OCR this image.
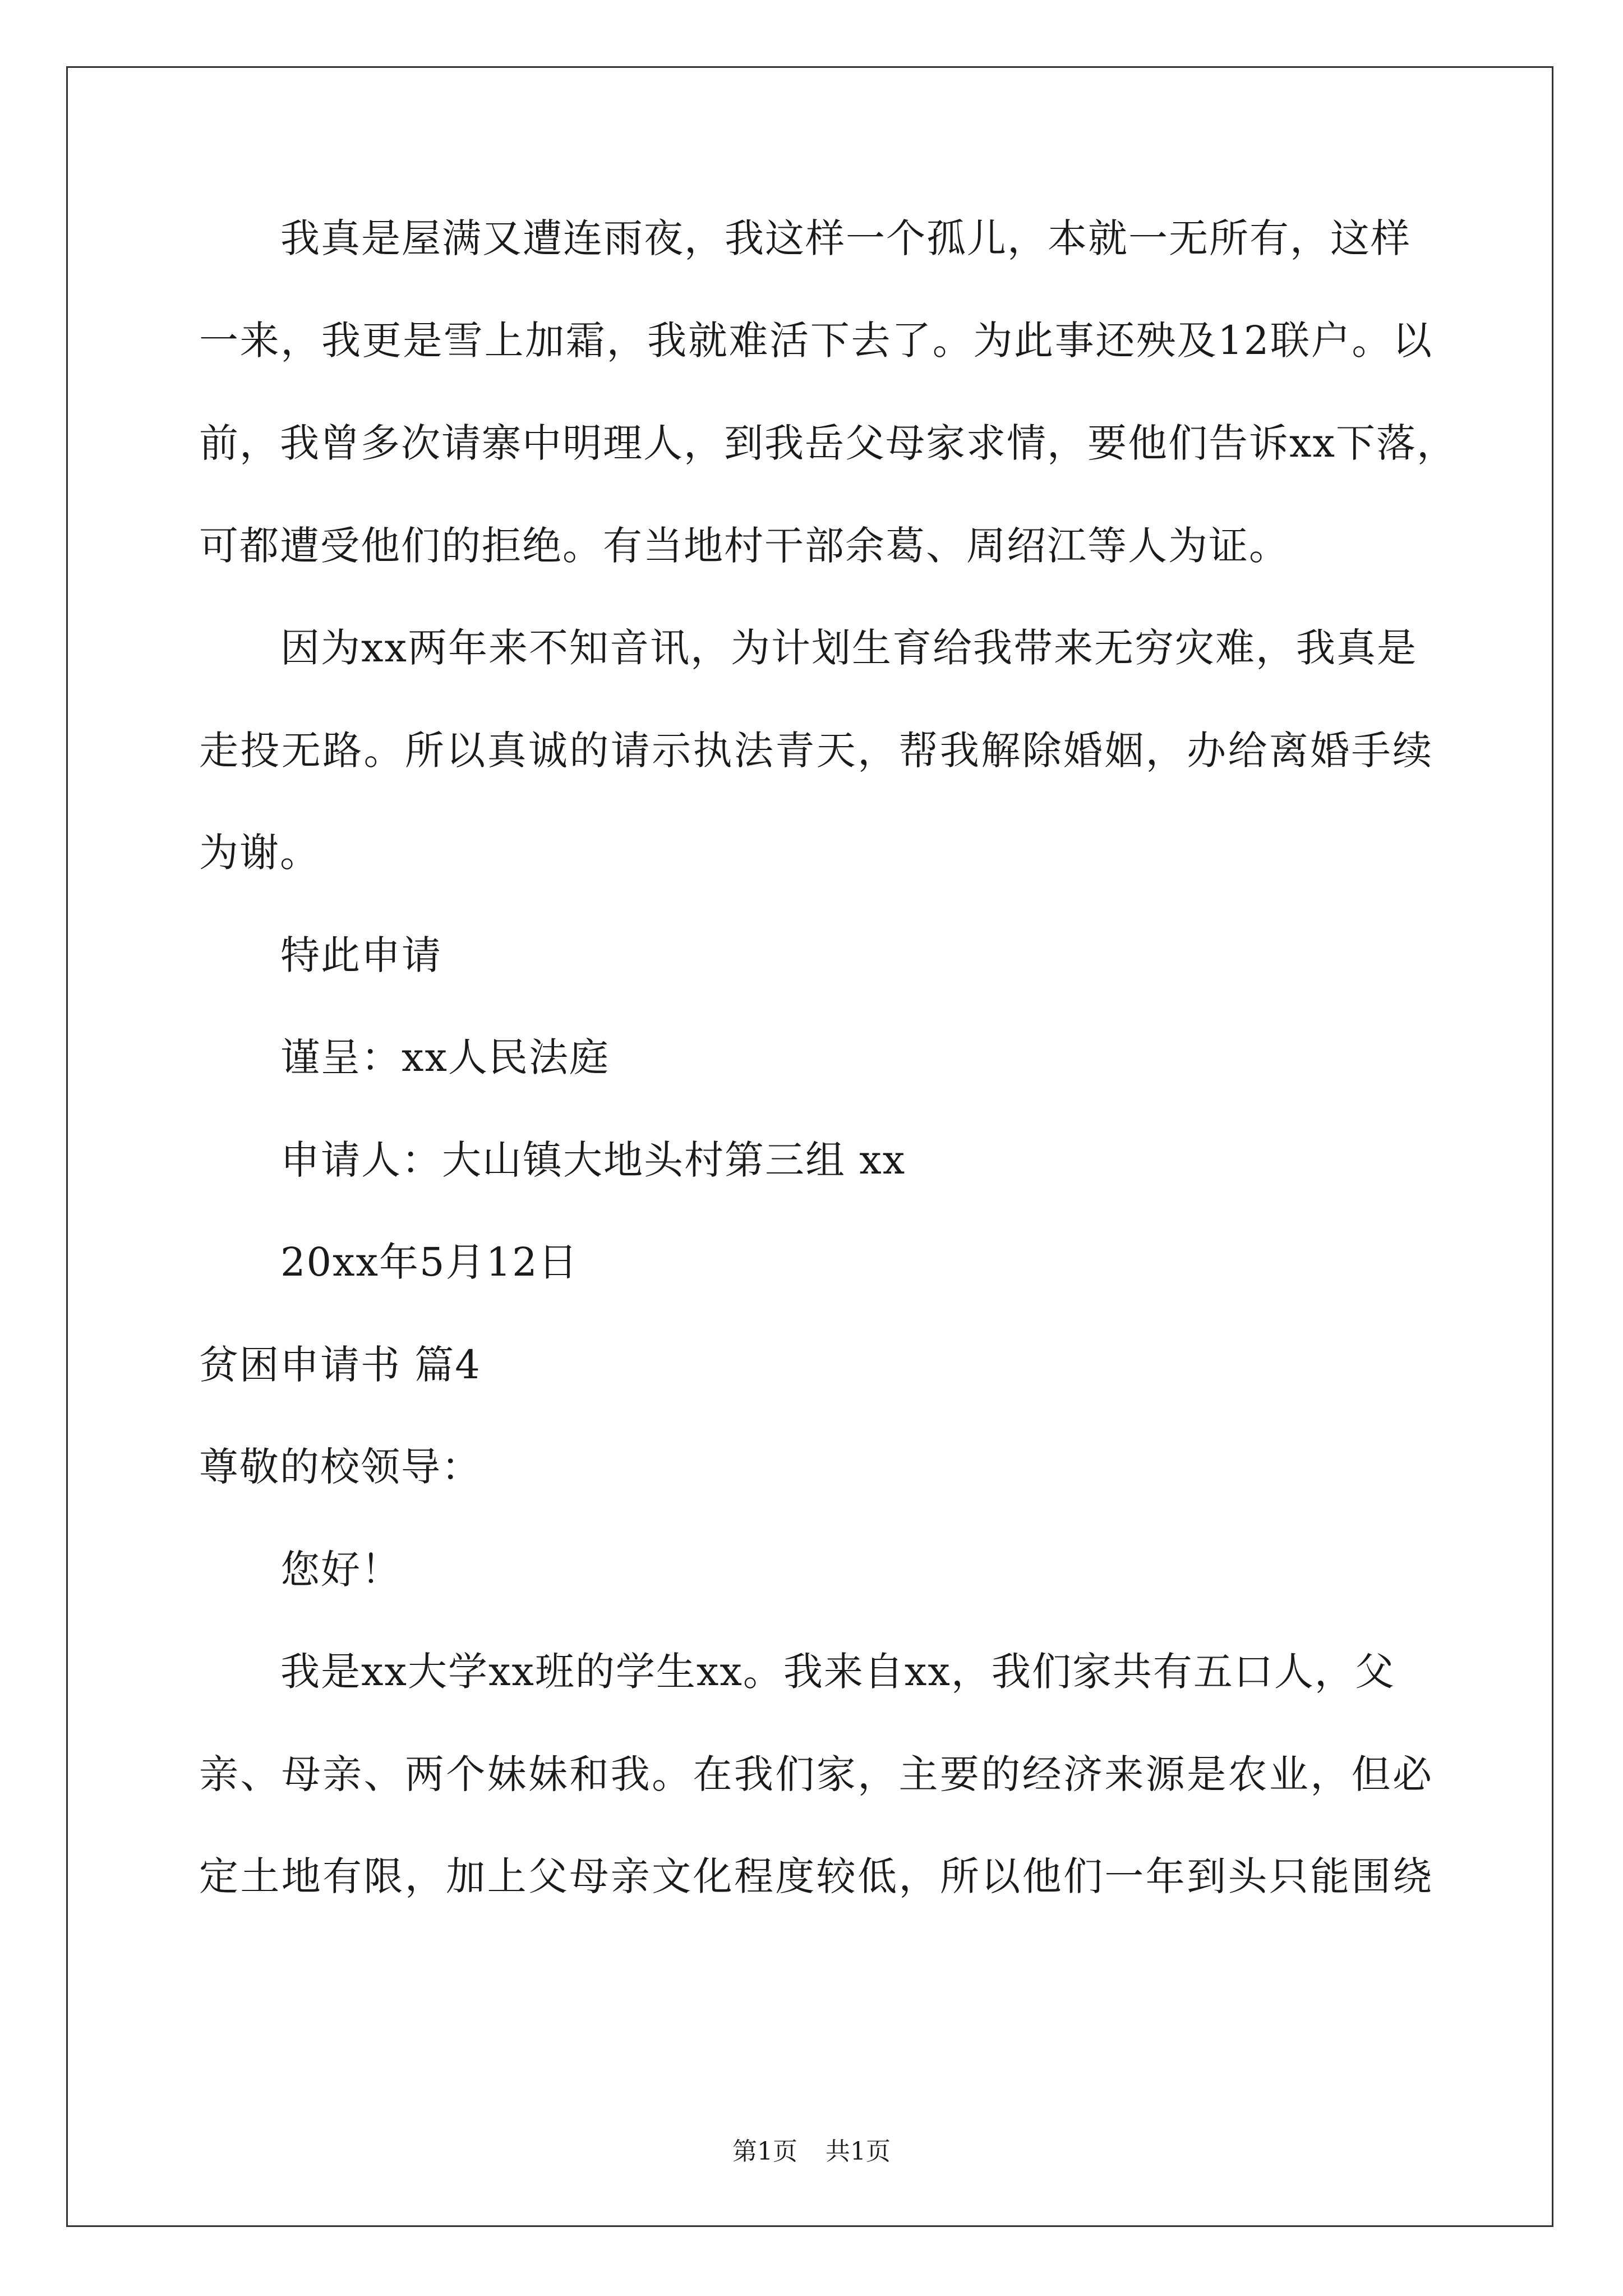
我真是屋满又遭连雨夜，我这样一个孤儿，本就一无所有，这样
一来，我更是雪上加霜，我就难活下去了。为此事还殃及12联户。以
前，我曾多次请寨中明理人，到我岳父母家求情，要他们告诉xx下落，
可都遭受他们的拒绝。有当地村干部余葛、周绍江等人为证。
因为xx两年来不知音讯，为计划生育给我带来无穷灾难，我真是
走投无路。所以真诚的请示执法青天，帮我解除婚姻，办给离婚手续
为谢。
特此申请
谨呈：xx人民法庭
申请人：大山镇大地头村第三组 xx
20xx年5月12日
贫困申请书 篇4
尊敬的校领导：
您好！
我是xx大学xx班的学生xx。我来自xx，我们家共有五口人，父
亲、母亲、两个妹妹和我。在我们家，主要的经济来源是农业，但必
定土地有限，加上父母亲文化程度较低，所以他们一年到头只能围绕
第1页 共1页
